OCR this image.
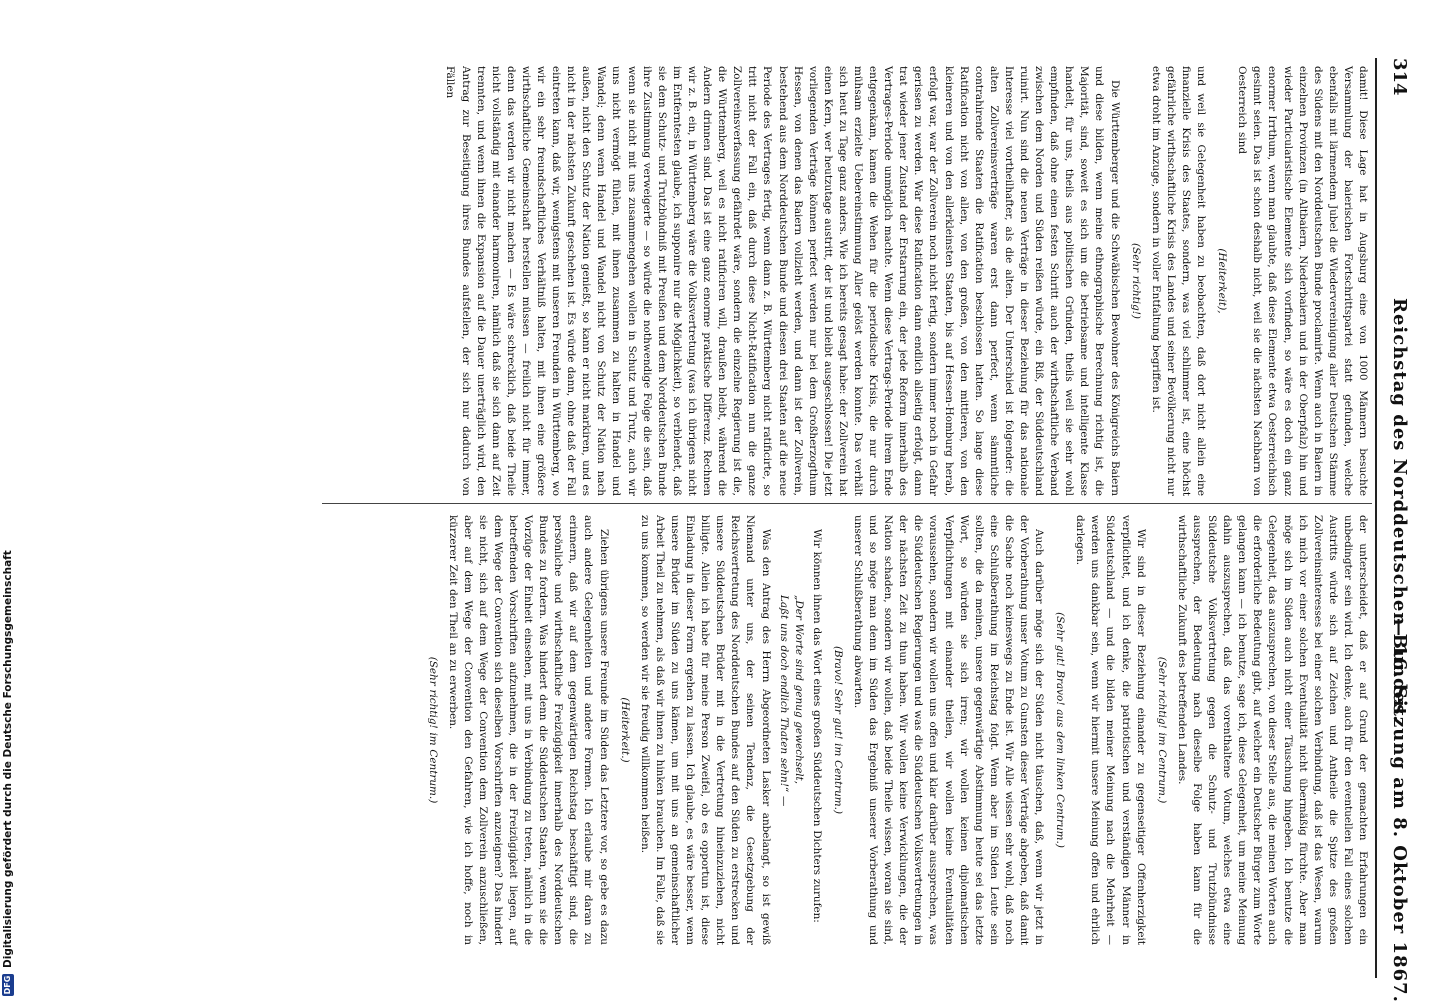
314
Reichstag des Norddeutschen Bundes.
— 16. Sitzung am 8. Oktober 1867.

damit! Diese Lage hat in Augsburg eine von 1000 Männern besuchte Versammlung der baierischen Fortschrittspartei statt gefunden, welche ebenfalls mit lärmendem Jubel die Wiedervereinigung aller Deutschen Stämme des Südens mit den Norddeutschen Bunde proclamirte. Wenn auch in Baiern in einzelnen Provinzen (in Altbaiern, Niederbaiern und in der Oberpfalz) hin und wieder Particularistische Elemente sich vorfinden, so wäre es doch ein ganz enormer Irrthum, wenn man glaubte, daß diese Elemente etwa Oesterreichisch gesinnt seien. Das ist schon deshalb nicht, weil sie die nächsten Nachbarn von Oesterreich sind

(Heiterkeit),

und weil sie Gelegenheit haben zu beobachten, daß dort nicht allein eine finanzielle Krisis des Staates, sondern, was viel schlimmer ist, eine höchst gefährliche wirthschaftliche Krisis des Landes und seiner Bevölkerung nicht nur etwa droht im Anzuge, sondern in voller Entfaltung begriffen ist.

(Sehr richtig!)

Die Württemberger und die Schwäbischen Bewohner des Königreichs Baiern und diese bilden, wenn meine ethnographische Berechnung richtig ist, die Majorität, sind, soweit es sich um die betriebsame und intelligente Klasse handelt, für uns, theils aus politischen Gründen, theils weil sie sehr wohl empfinden, daß ohne einen festen Schritt auch der wirthschaftliche Verband zwischen dem Norden und Süden reißen würde, ein Riß, der Süddeutschland ruinirt. Nun sind die neuen Verträge in dieser Beziehung für das nationale Interesse viel vortheilhafter, als die alten. Der Unterschied ist folgender: die alten Zollvereinsverträge waren erst dann perfect, wenn sämmtliche contrahirende Staaten die Ratification beschlossen hatten. So lange diese Ratification nicht von allen, von den großen, von den mittleren, von den kleineren und von den allerkleinsten Staaten, bis auf Hessen-Homburg herab, erfolgt war, war der Zollverein noch nicht fertig, sondern immer noch in Gefahr gerissen zu werden. War diese Ratification dann endlich allseitig erfolgt, dann trat wieder jener Zustand der Erstarrung ein, der jede Reform innerhalb des Vertrages-Periode unmöglich machte. Wenn diese Vertrags-Periode ihrem Ende entgegenkam, kamen die Wehen für die periodische Krisis, die nur durch mühsam erzielte Uebereinstimmung Aller gelöst werden konnte. Das verhält sich heut zu Tage ganz anders. Wie ich bereits gesagt habe: der Zollverein hat einen Kern, wer heutzutage austritt, der ist und bleibt ausgeschlossen! Die jetzt vorliegenden Verträge können perfect werden nur bei dem Großherzogthum Hessen, von denen das Baiern vollzieht werden, und dann ist der Zollverein, bestehend aus dem Norddeutschen Bunde und diesen drei Staaten auf die neue Periode des Vertrages fertig, wenn dann z. B. Württemberg nicht ratificirte, so tritt nicht der Fall ein, daß durch diese Nicht-Ratification nun die ganze Zollvereinsverfassung gefährdet wäre, sondern die einzelne Regierung ist die, die Württemberg, weil es nicht ratificiren will, draußen bleibt, während die Andern drinnen sind. Das ist eine ganz enorme praktische Differenz. Rechnen wir z. B. ein, in Württemberg wäre die Volksvertretung (was ich übrigens nicht im Entferntesten glaube, ich supponire nur die Möglichkeit), so verblendet, daß sie dem Schutz- und Trutzbündniß mit Preußen und dem Norddeutschen Bunde ihre Zustimmung verweigerte — so würde die nothwendige Folge die sein, daß wenn sie nicht mit uns zusammengehen wollen in Schutz und Trutz, auch wir uns nicht vermögt fühlen, mit ihnen zusammen zu halten in Handel und Wandel; denn wenn Handel und Wandel nicht von Schutz der Nation nach außen, nicht den Schutz der Nation genießt, so kann er nicht markiren, und es nicht in der nächsten Zukunft geschehen ist. Es würde dann, ohne daß der Fall eintreten kann, daß wir, wenigstens mit unseren Freunden in Württemberg, wo wir ein sehr freundschaftliches Verhältniß halten, mit ihnen eine größere wirthschaftliche Gemeinschaft herstellen müssen — freilich nicht für immer, denn das werden wir nicht machen — Es wäre schrecklich, daß beide Theile nicht vollständig mit einander harmoniren, nämlich daß sie sich dann auf Zeit trennten, und wenn ihnen die Expansion auf die Dauer unerträglich wird, den Antrag zur Beseitigung ihres Bundes aufstellen, der sich nur dadurch von Fällen

der unterscheidet, daß er auf Grund der gemachten Erfahrungen ein unbedingter sein wird. Ich denke, auch für den eventuellen Fall eines solchen Austritts würde sich auf Zeichen und Antheile die Spitze des großen Zollvereinsinteresses bei einer solchen Verbindung, daß ist das Wesen, warum ich mich vor einer solchen Eventualität nicht übermäßig fürchte. Aber man möge sich im Süden auch nicht einer Täuschung hingeben. Ich benutze die Gelegenheit, das auszusprechen, von dieser Stelle aus, die meinen Worten auch die erforderliche Bedeutung gibt, auf welcher ein Deutscher Bürger zum Worte gelangen kann — ich benutze, sage ich, diese Gelegenheit, um meine Meinung dahin auszusprechen, daß das vorenthaltene Votum, welches etwa eine Süddeutsche Volksvertretung gegen die Schutz- und Trutzbündnisse aussprechen, der Bedeutung nach dieselbe Folge haben kann für die wirthschaftliche Zukunft des betreffenden Landes.

(Sehr richtig! im Centrum.)

Wir sind in dieser Beziehung einander zu gegenseitiger Offenherzigkeit verpflichtet, und ich denke, die patriotischen und verständigen Männer in Süddeutschland — und die bilden meiner Meinung nach die Mehrheit — werden uns dankbar sein, wenn wir hiermit unsere Meinung offen und ehrlich darlegen.

(Sehr gut! Bravo! aus dem linken Centrum.)

Auch darüber möge sich der Süden nicht täuschen, daß, wenn wir jetzt in der Vorberathung unser Votum zu Gunsten dieser Verträge abgeben, daß damit die Sache noch keineswegs zu Ende ist. Wir Alle wissen sehr wohl, daß noch eine Schlußberathung im Reichstag folgt. Wenn aber im Süden Leute sein sollten, die da meinen, unsere gegenwärtige Abstimmung heute sei das letzte Wort, so würden sie sich irren; wir wollen keinen diplomatischen Verpflichtungen mit einander theilen, wir wollen keine Eventualitäten voraussehen, sondern wir wollen uns offen und klar darüber aussprechen, was die Süddeutschen Regierungen und was die Süddeutschen Volksvertretungen in der nächsten Zeit zu thun haben. Wir wollen keine Verwicklungen, die der Nation schaden, sondern wir wollen, daß beide Theile wissen, woran sie sind, und so möge man denn im Süden das Ergebniß unserer Vorberathung und unserer Schlußberathung abwarten.

(Bravo! Sehr gut! im Centrum.)

Wir können ihnen das Wort eines großen Süddeutschen Dichters zurufen:

„Der Worte sind genug gewechselt,
Laßt uns doch endlich Thaten sehn!“ —

Was den Antrag des Herrn Abgeordneten Lasker anbelangt, so ist gewiß Niemand unter uns, der seinen Tendenz, die Gesetzgebung der Reichsvertretung des Norddeutschen Bundes auf den Süden zu erstrecken und unsere Süddeutschen Brüder mit in die Vertretung hineinzuziehen, nicht billigte. Allein ich habe für meine Person Zweifel, ob es opportun ist, diese Einladung in dieser Form ergehen zu lassen. Ich glaube, es wäre besser, wenn unsere Brüder im Süden zu uns kämen, um mit uns an gemeinschaftlicher Arbeit Theil zu nehmen, als daß wir ihnen zu hinken brauchen. Im Falle, daß sie zu uns kommen, so werden wir sie freudig willkommen heißen.

(Heiterkeit.)

Ziehen übrigens unsere Freunde im Süden das Letztere vor, so gebe es dazu auch andere Gelegenheiten und andere Formen. Ich erlaube mir daran zu erinnern, daß wir auf dem gegenwärtigen Reichstag beschäftigt sind, die persönliche und wirthschaftliche Freizügigkeit innerhalb des Norddeutschen Bundes zu fordern. Was hindert denn die Süddeutschen Staaten, wenn sie die Vorzüge der Einheit einsehen, mit uns in Verbindung zu treten, nämlich in die betreffenden Vorschriften aufzunehmen, die in der Freizügigkeit liegen, auf dem Wege der Convention sich dieselben Vorschriften anzueignen? Das hindert sie nicht, sich auf dem Wege der Convention dem Zollverein anzuschließen, aber auf dem Wege der Convention den Gefahren, wie ich hoffe, noch in kürzerer Zeit den Theil an zu erwerben.

(Sehr richtig! im Centrum.)

DFG
Digitalisierung gefördert durch die Deutsche Forschungsgemeinschaft
